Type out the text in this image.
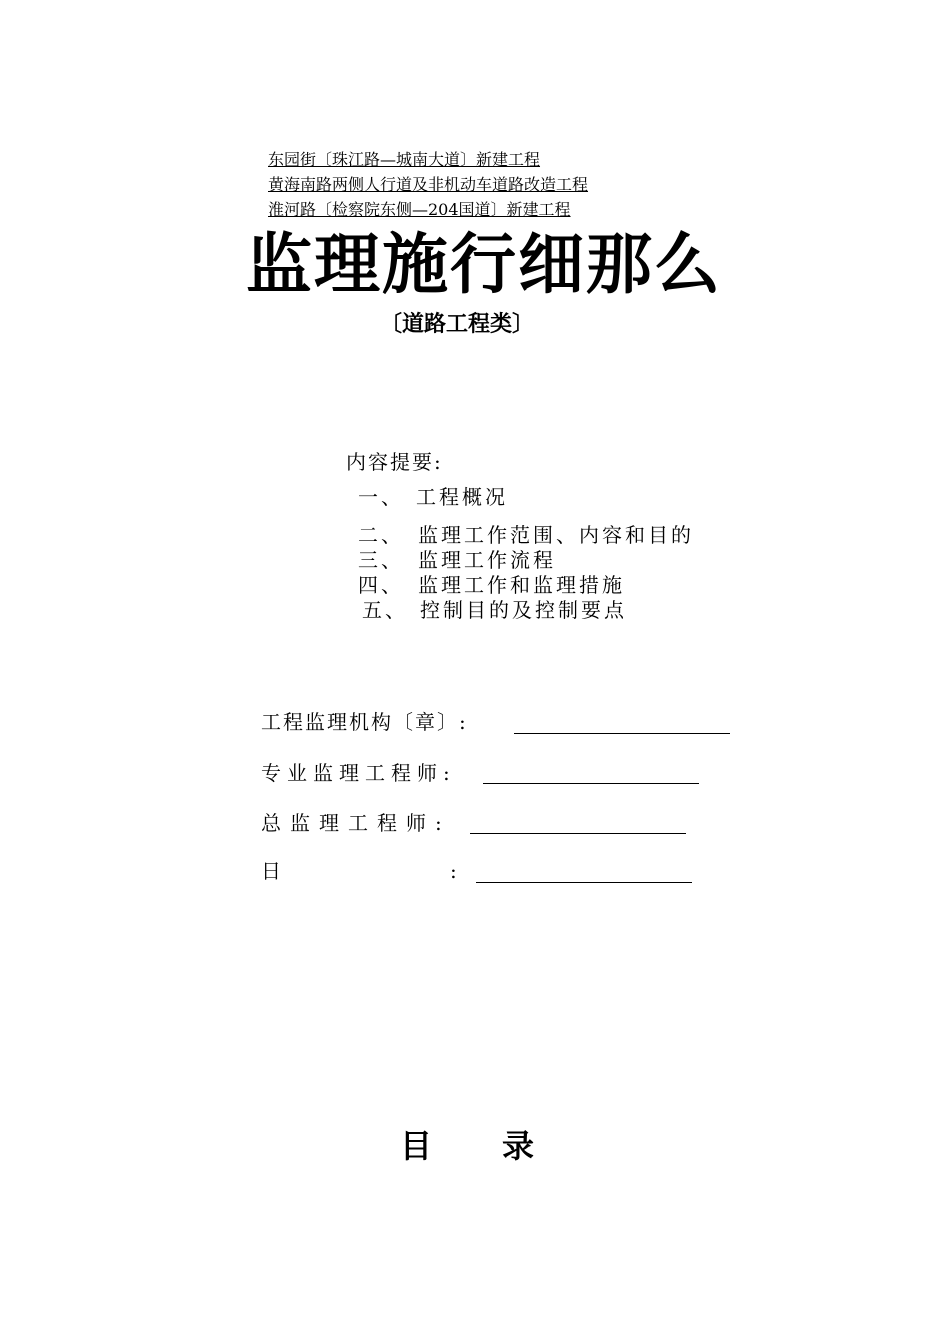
东园街〔珠江路—城南大道〕新建工程
黄海南路两侧人行道及非机动车道路改造工程
淮河路〔检察院东侧—204国道〕新建工程
监理施行细那么
〔道路工程类〕
内容提要:
一、 工程概况
二、 监理工作范围、内容和目的
三、 监理工作流程
四、 监理工作和监理措施
五、 控制目的及控制要点
工程监理机构〔章〕:
专业监理工程师:
总监理工程师:
日	:
目 录
